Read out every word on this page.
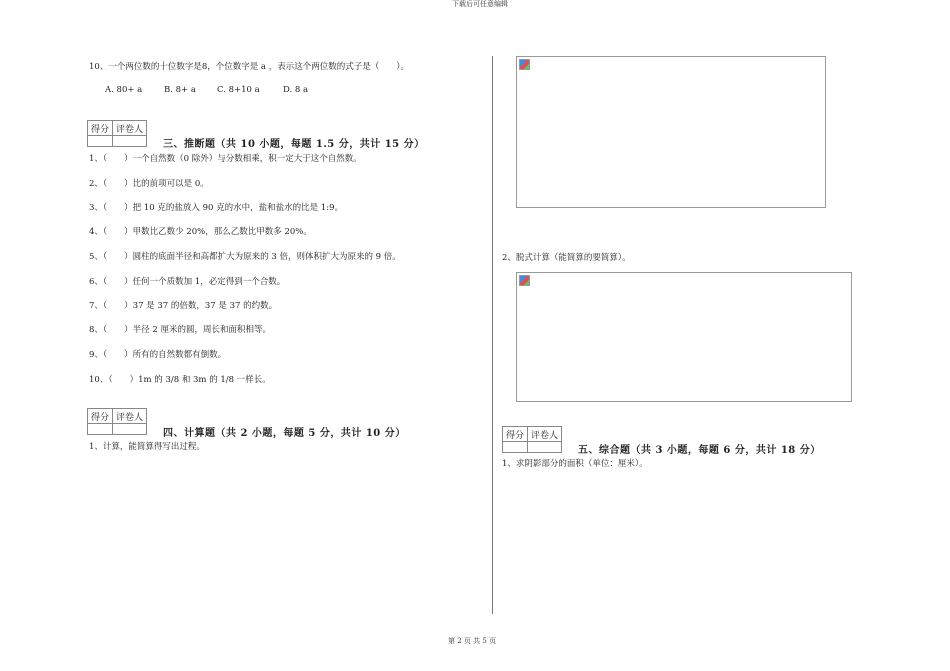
下载后可任意编辑
第 2 页 共 5 页
10、一个两位数的十位数字是8，个位数字是 a ，表示这个两位数的式子是（　　）。
A. 80+ a	B. 8+ a C. 8+10 a	D. 8 a
得分	评卷人

三、推断题（共 10 小题，每题 1.5 分，共计 15 分）
1、（　　）一个自然数（0 除外）与分数相乘，积一定大于这个自然数。
2、（　　）比的前项可以是 0。
3、（　　）把 10 克的盐放入 90 克的水中，盐和盐水的比是 1:9。
4、（　　）甲数比乙数少 20%，那么乙数比甲数多 20%。
5、（　　）圆柱的底面半径和高都扩大为原来的 3 倍，则体积扩大为原来的 9 倍。
6、（　　）任何一个质数加 1，必定得到一个合数。
7、（　　）37 是 37 的倍数，37 是 37 的约数。
8、（　　）半径 2 厘米的圆，周长和面积相等。
9、（　　）所有的自然数都有倒数。
10、（　　）1m 的 3/8 和 3m 的 1/8 一样长。
得分	评卷人

四、计算题（共 2 小题，每题 5 分，共计 10 分）
1、计算，能简算得写出过程。
2、脱式计算（能简算的要简算）。
得分	评卷人

五、综合题（共 3 小题，每题 6 分，共计 18 分）
1、求阴影部分的面积（单位：厘米）。
